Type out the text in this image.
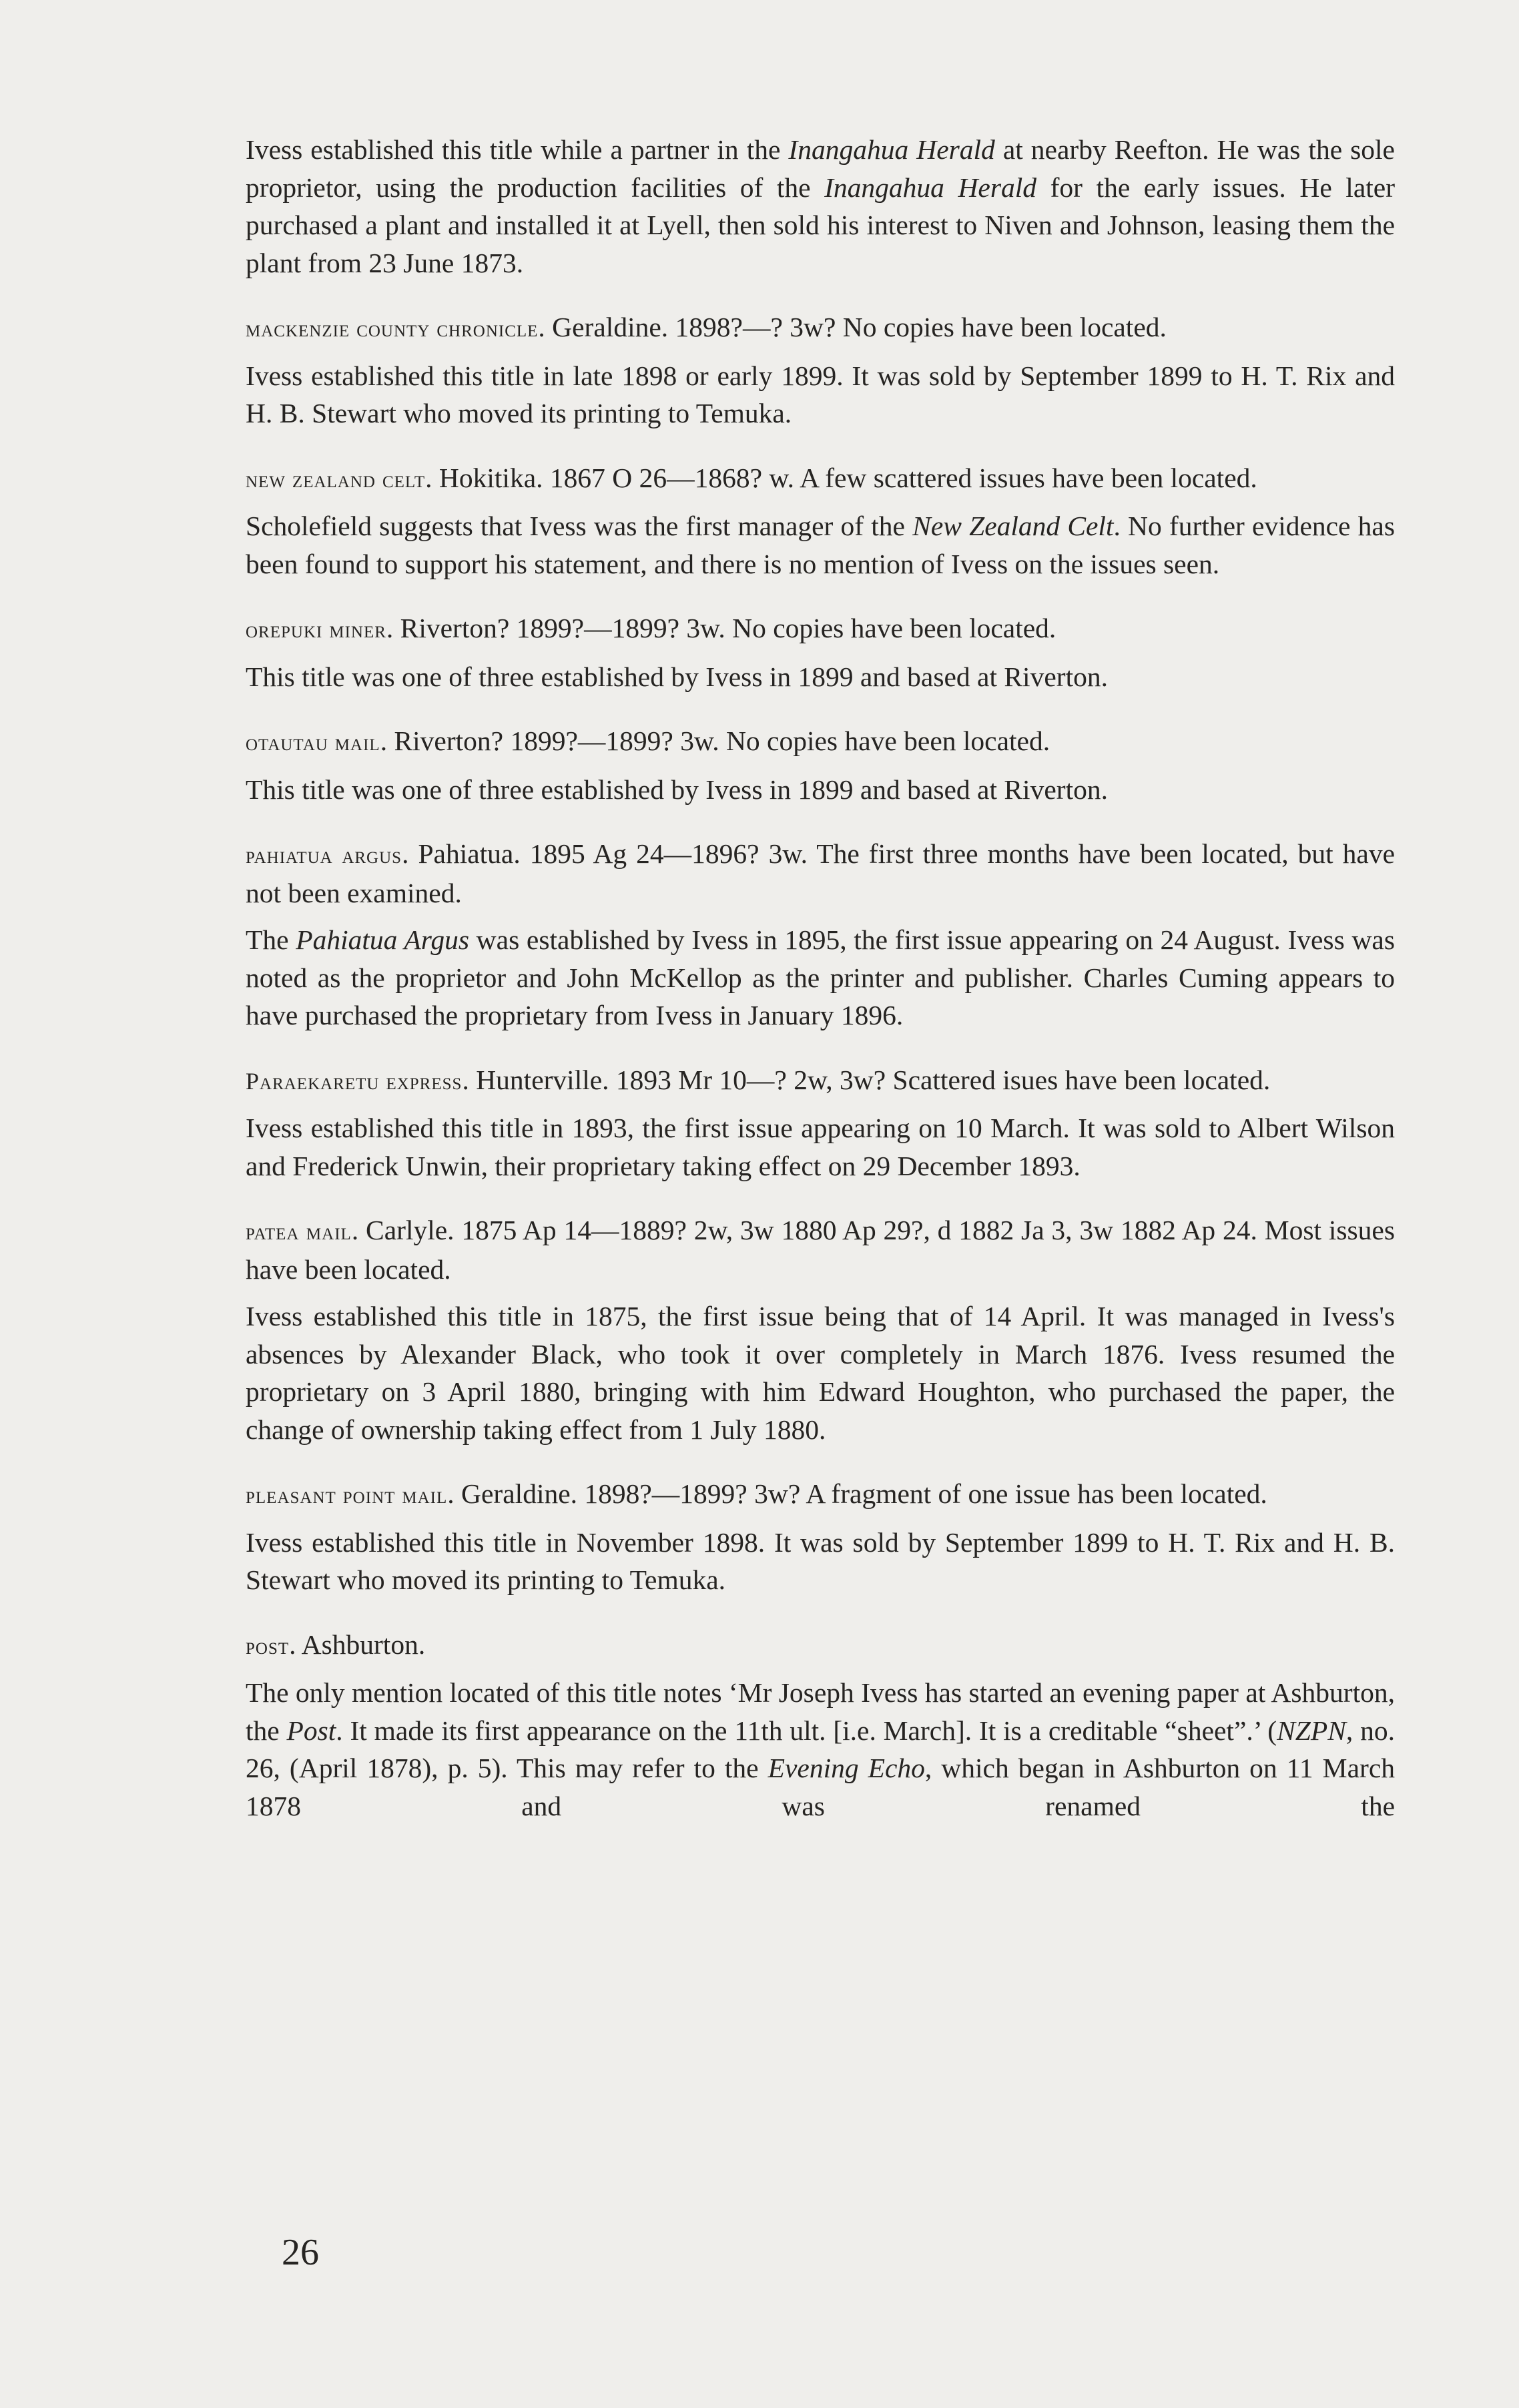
Ivess established this title while a partner in the Inangahua Herald at nearby Reefton. He was the sole proprietor, using the production facilities of the Inangahua Herald for the early issues. He later purchased a plant and installed it at Lyell, then sold his interest to Niven and Johnson, leasing them the plant from 23 June 1873.

mackenzie county chronicle. Geraldine. 1898?—? 3w? No copies have been located.

Ivess established this title in late 1898 or early 1899. It was sold by September 1899 to H. T. Rix and H. B. Stewart who moved its printing to Temuka.

new zealand celt. Hokitika. 1867 O 26—1868? w. A few scattered issues have been located.

Scholefield suggests that Ivess was the first manager of the New Zealand Celt. No further evidence has been found to support his statement, and there is no mention of Ivess on the issues seen.

orepuki miner. Riverton? 1899?—1899? 3w. No copies have been located.

This title was one of three established by Ivess in 1899 and based at Riverton.

otautau mail. Riverton? 1899?—1899? 3w. No copies have been located.

This title was one of three established by Ivess in 1899 and based at Riverton.

pahiatua argus. Pahiatua. 1895 Ag 24—1896? 3w. The first three months have been located, but have not been examined.

The Pahiatua Argus was established by Ivess in 1895, the first issue appearing on 24 August. Ivess was noted as the proprietor and John McKellop as the printer and publisher. Charles Cuming appears to have purchased the proprietary from Ivess in January 1896.

Paraekaretu express. Hunterville. 1893 Mr 10—? 2w, 3w? Scattered isues have been located.

Ivess established this title in 1893, the first issue appearing on 10 March. It was sold to Albert Wilson and Frederick Unwin, their proprietary taking effect on 29 December 1893.

patea mail. Carlyle. 1875 Ap 14—1889? 2w, 3w 1880 Ap 29?, d 1882 Ja 3, 3w 1882 Ap 24. Most issues have been located.

Ivess established this title in 1875, the first issue being that of 14 April. It was managed in Ivess's absences by Alexander Black, who took it over completely in March 1876. Ivess resumed the proprietary on 3 April 1880, bringing with him Edward Houghton, who purchased the paper, the change of ownership taking effect from 1 July 1880.

pleasant point mail. Geraldine. 1898?—1899? 3w? A fragment of one issue has been located.

Ivess established this title in November 1898. It was sold by September 1899 to H. T. Rix and H. B. Stewart who moved its printing to Temuka.

post. Ashburton.

The only mention located of this title notes ‘Mr Joseph Ivess has started an evening paper at Ashburton, the Post. It made its first appearance on the 11th ult. [i.e. March]. It is a creditable “sheet”.’ (NZPN, no. 26, (April 1878), p. 5). This may refer to the Evening Echo, which began in Ashburton on 11 March 1878 and was renamed the

26
